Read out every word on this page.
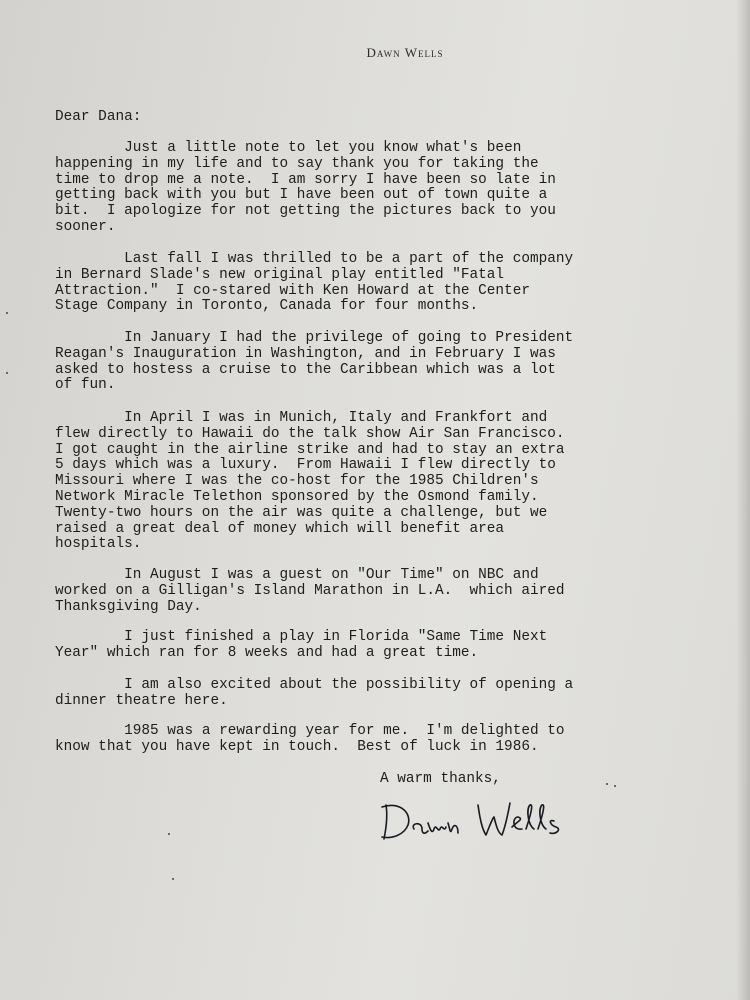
Dawn Wells
Dear Dana:
Just a little note to let you know what's been
happening in my life and to say thank you for taking the
time to drop me a note.  I am sorry I have been so late in
getting back with you but I have been out of town quite a
bit.  I apologize for not getting the pictures back to you
sooner.
Last fall I was thrilled to be a part of the company
in Bernard Slade's new original play entitled "Fatal
Attraction."  I co-stared with Ken Howard at the Center
Stage Company in Toronto, Canada for four months.
In January I had the privilege of going to President
Reagan's Inauguration in Washington, and in February I was
asked to hostess a cruise to the Caribbean which was a lot
of fun.
In April I was in Munich, Italy and Frankfort and
flew directly to Hawaii do the talk show Air San Francisco.
I got caught in the airline strike and had to stay an extra
5 days which was a luxury.  From Hawaii I flew directly to
Missouri where I was the co-host for the 1985 Children's
Network Miracle Telethon sponsored by the Osmond family.
Twenty-two hours on the air was quite a challenge, but we
raised a great deal of money which will benefit area
hospitals.
In August I was a guest on "Our Time" on NBC and
worked on a Gilligan's Island Marathon in L.A.  which aired
Thanksgiving Day.
I just finished a play in Florida "Same Time Next
Year" which ran for 8 weeks and had a great time.
I am also excited about the possibility of opening a
dinner theatre here.
1985 was a rewarding year for me.  I'm delighted to
know that you have kept in touch.  Best of luck in 1986.
A warm thanks,
